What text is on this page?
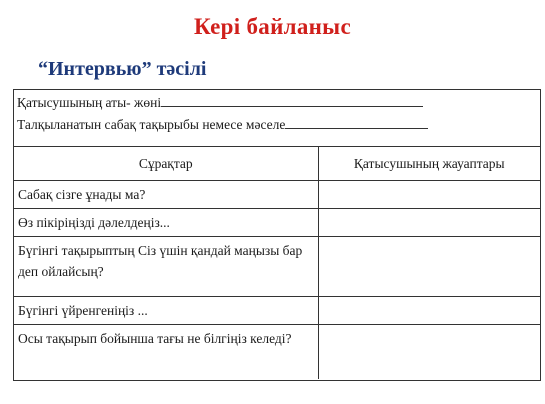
Кері байланыс
“Интервью” тәсілі
Қатысушының аты- жөні
Талқыланатын сабақ тақырыбы немесе мәселе
Сұрақтар	Қатысушының жауаптары
Сабақ сізге ұнады ма?	
Өз пікіріңізді дәлелдеңіз...	
Бүгінгі тақырыптың Сіз үшін қандай маңызы бар деп ойлайсың?	
Бүгінгі үйренгеніңіз ...	
Осы тақырып бойынша тағы не білгіңіз келеді?	
